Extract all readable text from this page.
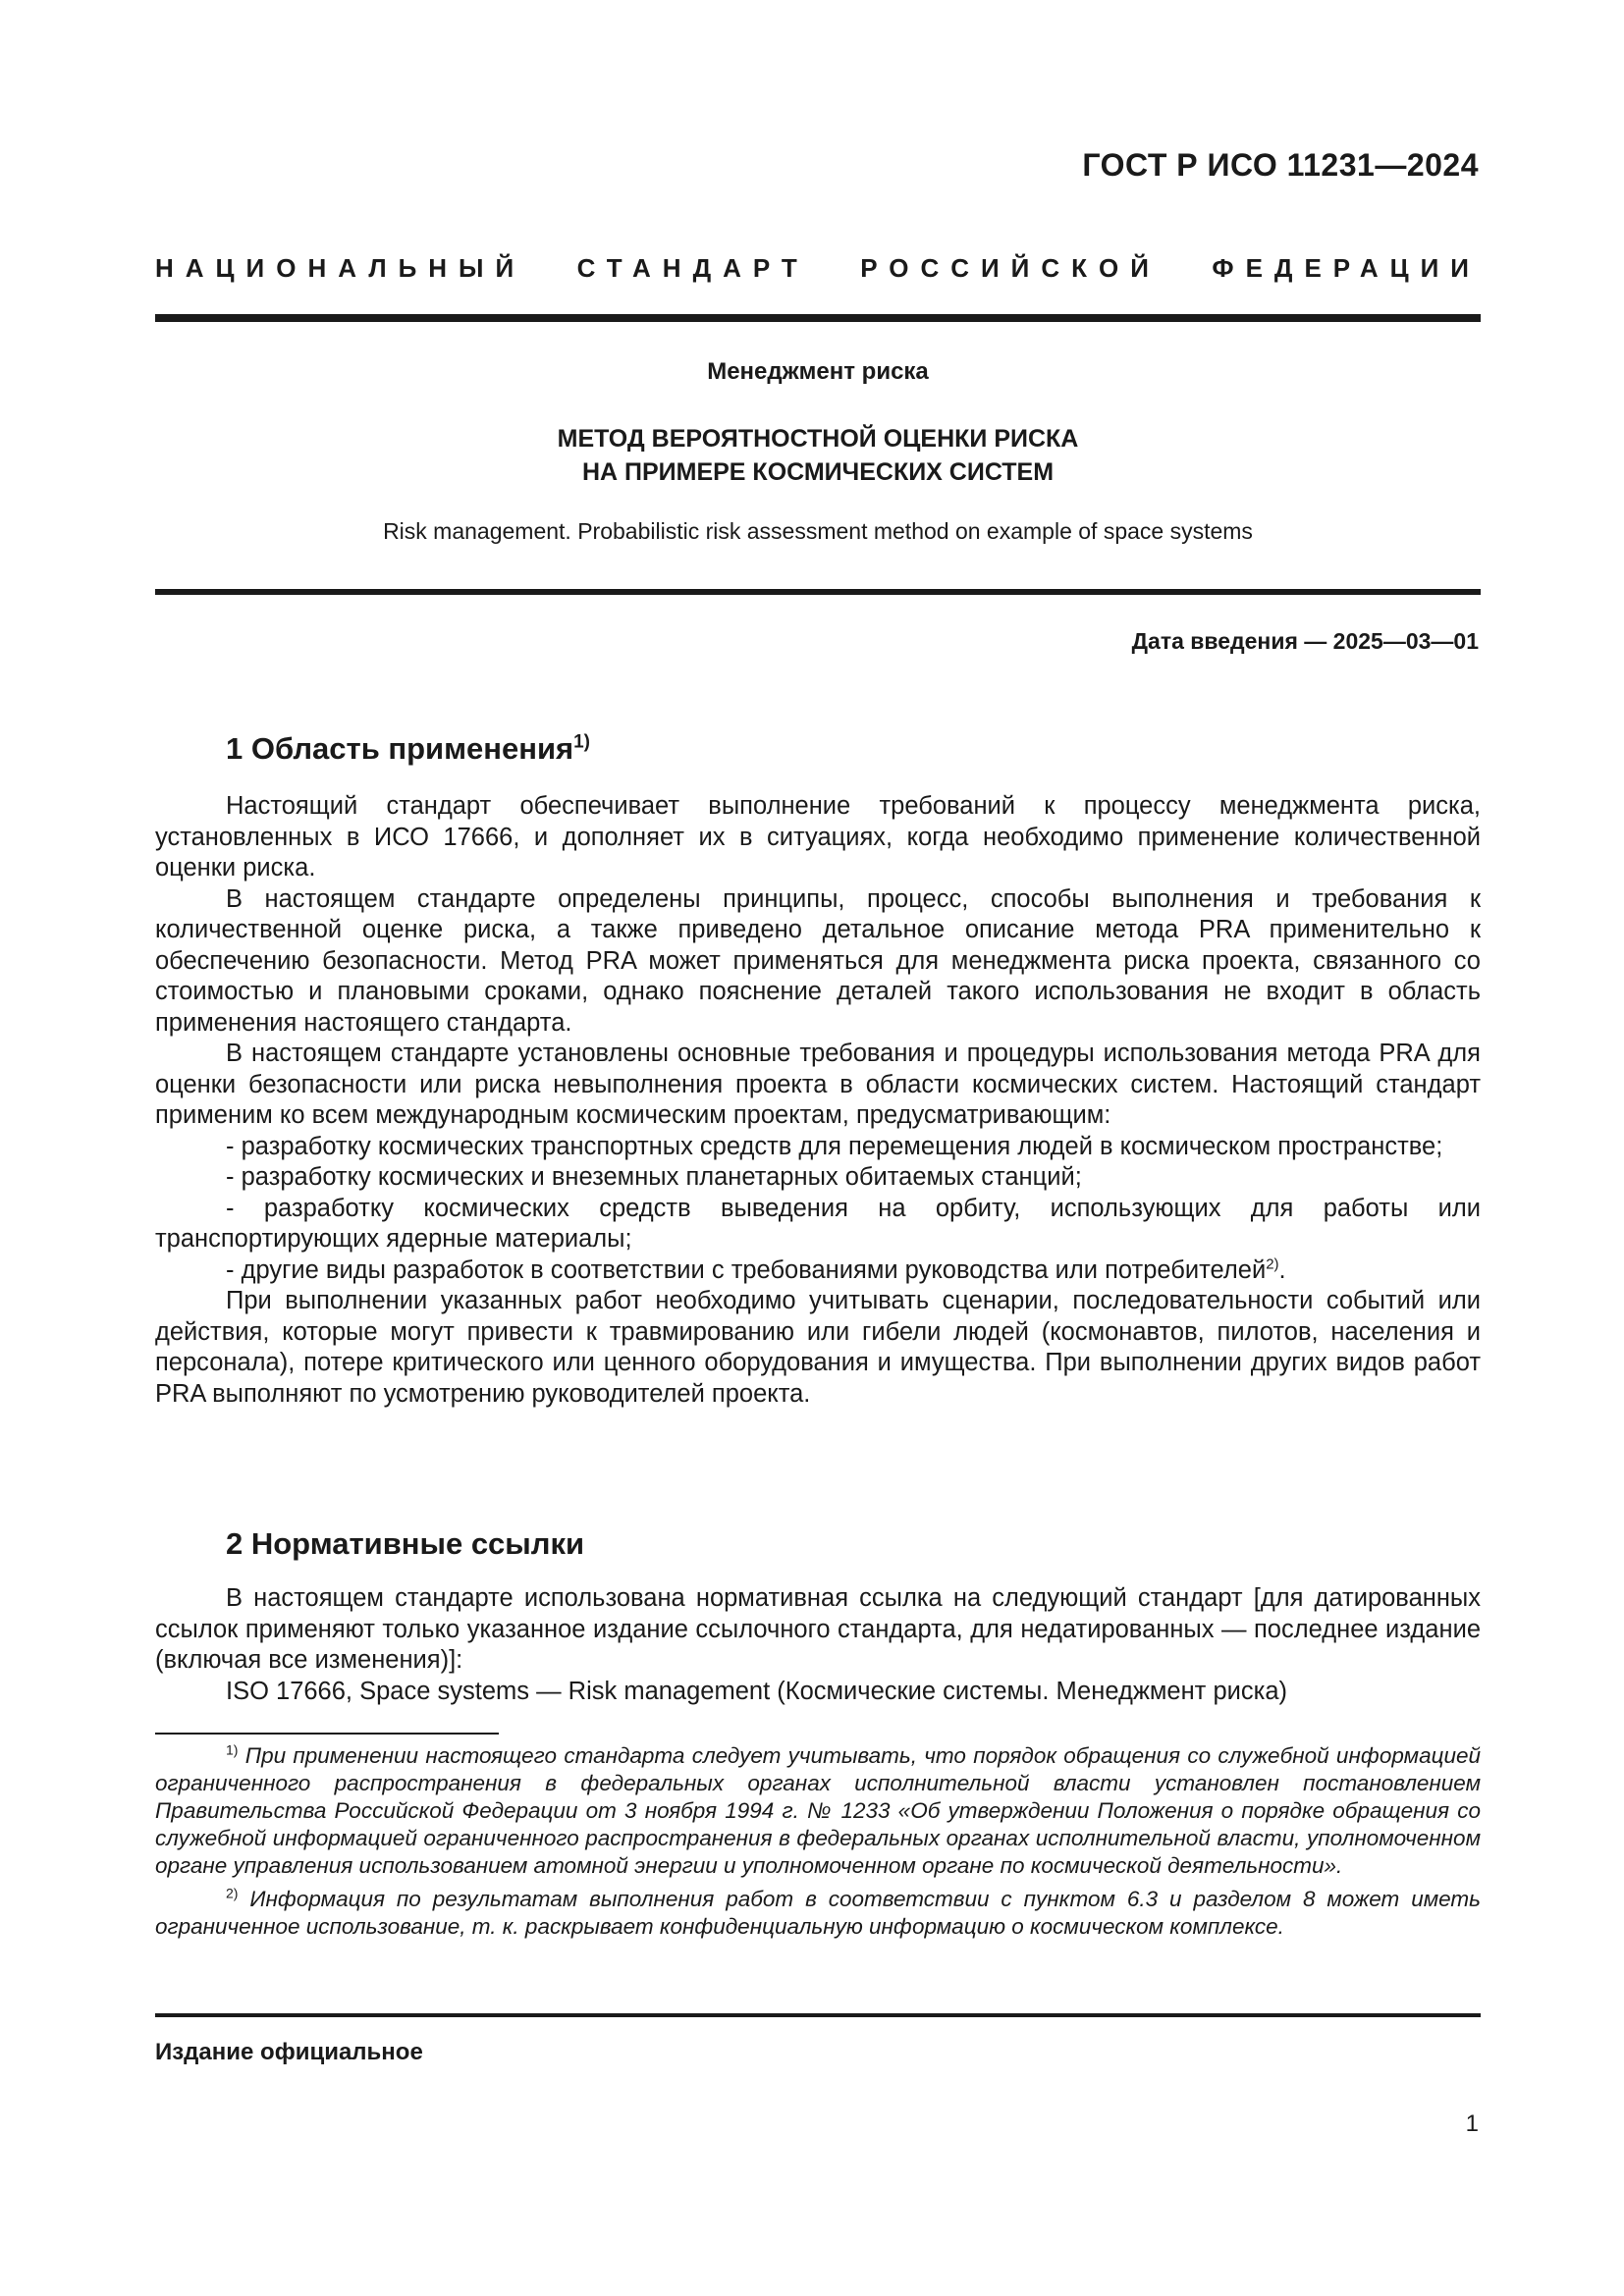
ГОСТ Р ИСО 11231—2024
НАЦИОНАЛЬНЫЙ СТАНДАРТ РОССИЙСКОЙ ФЕДЕРАЦИИ
Менеджмент риска
МЕТОД ВЕРОЯТНОСТНОЙ ОЦЕНКИ РИСКА
НА ПРИМЕРЕ КОСМИЧЕСКИХ СИСТЕМ
Risk management. Probabilistic risk assessment method on example of space systems
Дата введения — 2025—03—01
1 Область применения$^{1)}$

Настоящий стандарт обеспечивает выполнение требований к процессу менеджмента риска, установленных в ИСО 17666, и дополняет их в ситуациях, когда необходимо применение количественной оценки риска.

В настоящем стандарте определены принципы, процесс, способы выполнения и требования к количественной оценке риска, а также приведено детальное описание метода PRA применительно к обеспечению безопасности. Метод PRA может применяться для менеджмента риска проекта, связанного со стоимостью и плановыми сроками, однако пояснение деталей такого использования не входит в область применения настоящего стандарта.

В настоящем стандарте установлены основные требования и процедуры использования метода PRA для оценки безопасности или риска невыполнения проекта в области космических систем. Настоящий стандарт применим ко всем международным космическим проектам, предусматривающим:

- разработку космических транспортных средств для перемещения людей в космическом пространстве;

- разработку космических и внеземных планетарных обитаемых станций;

- разработку космических средств выведения на орбиту, использующих для работы или транспортирующих ядерные материалы;

- другие виды разработок в соответствии с требованиями руководства или потребителей$^{2)}$.

При выполнении указанных работ необходимо учитывать сценарии, последовательности событий или действия, которые могут привести к травмированию или гибели людей (космонавтов, пилотов, населения и персонала), потере критического или ценного оборудования и имущества. При выполнении других видов работ PRA выполняют по усмотрению руководителей проекта.

2 Нормативные ссылки

В настоящем стандарте использована нормативная ссылка на следующий стандарт [для датированных ссылок применяют только указанное издание ссылочного стандарта, для недатированных — последнее издание (включая все изменения)]:

ISO 17666, Space systems — Risk management (Космические системы. Менеджмент риска)

$^{1)}$ При применении настоящего стандарта следует учитывать, что порядок обращения со служебной информацией ограниченного распространения в федеральных органах исполнительной власти установлен постановлением Правительства Российской Федерации от 3 ноября 1994 г. № 1233 «Об утверждении Положения о порядке обращения со служебной информацией ограниченного распространения в федеральных органах исполнительной власти, уполномоченном органе управления использованием атомной энергии и уполномоченном органе по космической деятельности».

$^{2)}$ Информация по результатам выполнения работ в соответствии с пунктом 6.3 и разделом 8 может иметь ограниченное использование, т. к. раскрывает конфиденциальную информацию о космическом комплексе.

Издание официальное
1
